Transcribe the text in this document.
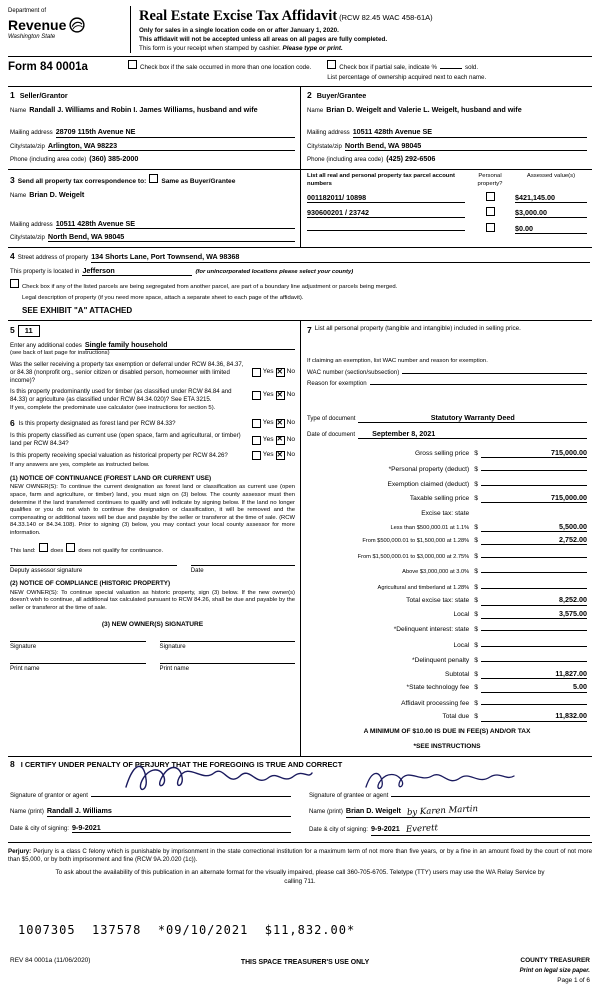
Department of
Revenue
Washington State
Real Estate Excise Tax Affidavit (RCW 82.45 WAC 458-61A)
Only for sales in a single location code on or after January 1, 2020.
This affidavit will not be accepted unless all areas on all pages are fully completed.
This form is your receipt when stamped by cashier. Please type or print.
Form 84 0001a	Check box if the sale occurred in more than one location code.	Check box if partial sale, indicate %	sold.
List percentage of ownership acquired next to each name.
1 Seller/Grantor
Name Randall J. Williams and Robin I. James Williams, husband and wife
Mailing address 28709 115th Avenue NE
City/state/zip Arlington, WA 98223
Phone (including area code) (360) 385-2000
2 Buyer/Grantee
Name Brian D. Weigelt and Valerie L. Weigelt, husband and wife
Mailing address 10511 428th Avenue SE
City/state/zip North Bend, WA 98045
Phone (including area code) (425) 292-6506
3 Send all property tax correspondence to: Same as Buyer/Grantee
Name Brian D. Weigelt
Mailing address 10511 428th Avenue SE
City/state/zip North Bend, WA 98045
List all real and personal property tax parcel account numbers
Personal property?
Assessed value(s)
001182011/ 10898	$421,145.00
930600201 / 23742	$3,000.00
$0.00
4 Street address of property 134 Shorts Lane, Port Townsend, WA 98368
This property is located in Jefferson	(for unincorporated locations please select your county)
Check box if any of the listed parcels are being segregated from another parcel, are part of a boundary line adjustment or parcels being merged.
Legal description of property (if you need more space, attach a separate sheet to each page of the affidavit).
SEE EXHIBIT "A" ATTACHED
5	11
Enter any additional codes Single family household
(see back of last page for instructions)
Was the seller receiving a property tax exemption or deferral under RCW 84.36, 84.37, or 84.38 (nonprofit org., senior citizen or disabled person, homeowner with limited income)?
Yes ✕ No
Is this property predominantly used for timber (as classified under RCW 84.84 and 84.33) or agriculture (as classified under RCW 84.34.020)? See ETA 3215.
Yes ✕ No
If yes, complete the predominate use calculator (see instructions for section 5).
6 Is this property designated as forest land per RCW 84.33?	Yes ✕ No
Is this property classified as current use (open space, farm and agricultural, or timber) land per RCW 84.34?
Yes ✕ No
Is this property receiving special valuation as historical property per RCW 84.26?	Yes ✕ No
If any answers are yes, complete as instructed below.
(1) NOTICE OF CONTINUANCE (FOREST LAND OR CURRENT USE)
NEW OWNER(S): To continue the current designation as forest land or classification as current use (open space, farm and agriculture, or timber) land, you must sign on (3) below. The county assessor must then determine if the land transferred continues to qualify and will indicate by signing below. If the land no longer qualifies or you do not wish to continue the designation or classification, it will be removed and the compensating or additional taxes will be due and payable by the seller or transferor at the time of sale. (RCW 84.33.140 or 84.34.108). Prior to signing (3) below, you may contact your local county assessor for more information.
This land:	does	does not qualify for continuance.
Deputy assessor signature	Date
(2) NOTICE OF COMPLIANCE (HISTORIC PROPERTY)
NEW OWNER(S): To continue special valuation as historic property, sign (3) below. If the new owner(s) doesn't wish to continue, all additional tax calculated pursuant to RCW 84.26, shall be due and payable by the seller or transferor at the time of sale.
(3) NEW OWNER(S) SIGNATURE
Signature	Signature
Print name	Print name
7 List all personal property (tangible and intangible) included in selling price.
If claiming an exemption, list WAC number and reason for exemption.
WAC number (section/subsection)
Reason for exemption
Type of document	Statutory Warranty Deed
Date of document	September 8, 2021
Gross selling price $	715,000.00
*Personal property (deduct) $
Exemption claimed (deduct) $
Taxable selling price $	715,000.00
Excise tax: state
Less than $500,000.01 at 1.1% $	5,500.00
From $500,000.01 to $1,500,000 at 1.28% $	2,752.00
From $1,500,000.01 to $3,000,000 at 2.75% $
Above $3,000,000 at 3.0% $
Agricultural and timberland at 1.28% $
Total excise tax: state $	8,252.00
Local $	3,575.00
*Delinquent interest: state $
Local $
*Delinquent penalty $
Subtotal $	11,827.00
*State technology fee $	5.00
Affidavit processing fee $
Total due $	11,832.00
A MINIMUM OF $10.00 IS DUE IN FEE(S) AND/OR TAX
*SEE INSTRUCTIONS
8 I CERTIFY UNDER PENALTY OF PERJURY THAT THE FOREGOING IS TRUE AND CORRECT
Signature of grantor or agent
Name (print) Randall J. Williams
Date & city of signing: 9-9-2021
Signature of grantee or agent
Name (print) Brian D. Weigelt by Karen Martin
Date & city of signing: 9-9-2021 Everett
Perjury: Perjury is a class C felony which is punishable by imprisonment in the state correctional institution for a maximum term of not more than five years, or by a fine in an amount fixed by the court of not more than $5,000, or by both imprisonment and fine (RCW 9A.20.020 (1c)).
To ask about the availability of this publication in an alternate format for the visually impaired, please call 360-705-6705. Teletype (TTY) users may use the WA Relay Service by calling 711.
1007305  137578  *09/10/2021  $11,832.00*
REV 84 0001a (11/06/2020)	THIS SPACE TREASURER'S USE ONLY	COUNTY TREASURER
Print on legal size paper.
Page 1 of 6
